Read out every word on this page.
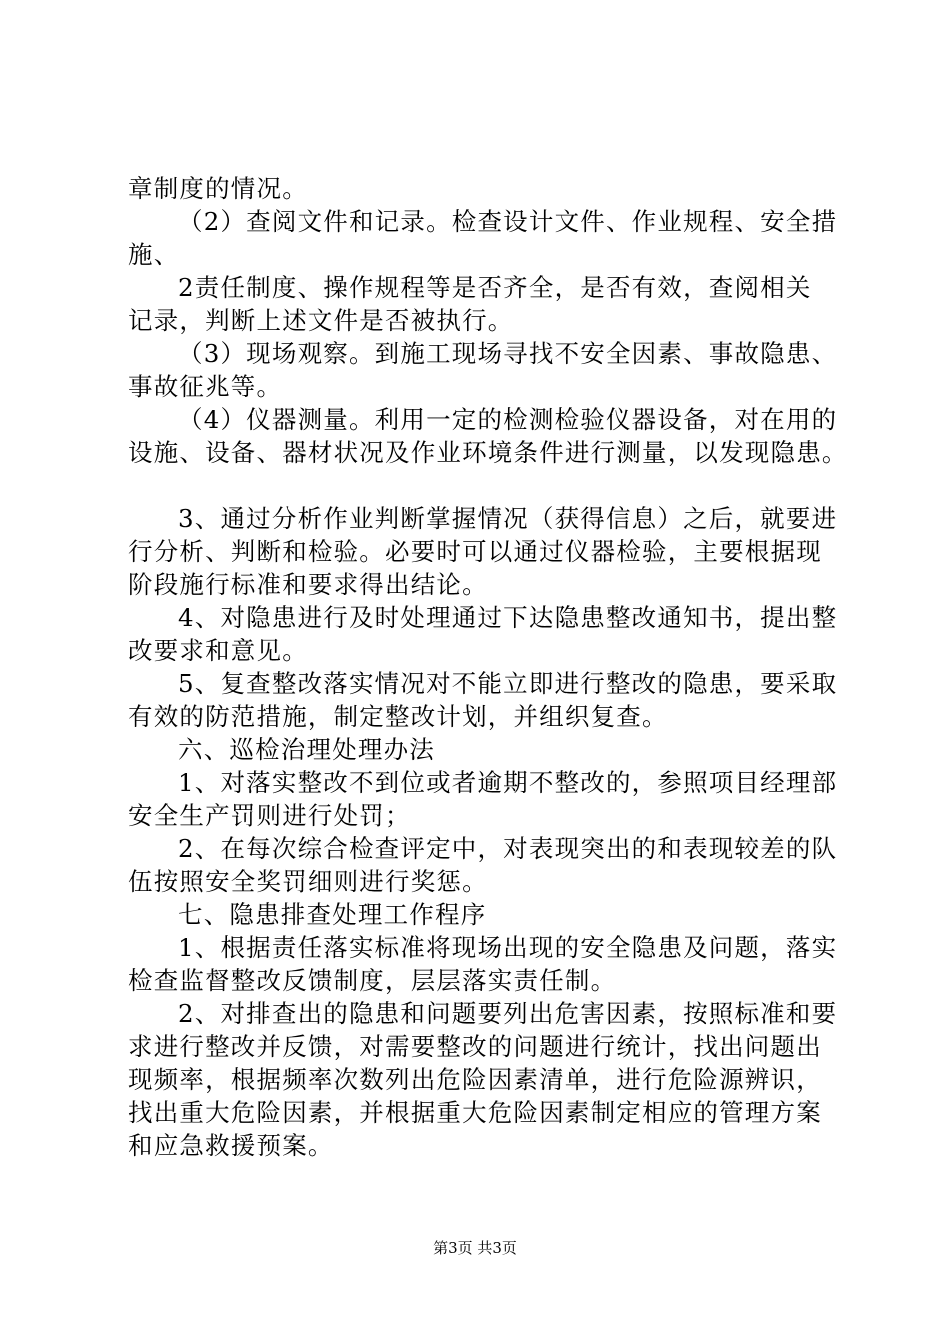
章制度的情况。
（2）查阅文件和记录。检查设计文件、作业规程、安全措
施、
2责任制度、操作规程等是否齐全，是否有效，查阅相关
记录，判断上述文件是否被执行。
（3）现场观察。到施工现场寻找不安全因素、事故隐患、
事故征兆等。
（4）仪器测量。利用一定的检测检验仪器设备，对在用的
设施、设备、器材状况及作业环境条件进行测量，以发现隐患。
3、通过分析作业判断掌握情况（获得信息）之后，就要进
行分析、判断和检验。必要时可以通过仪器检验，主要根据现
阶段施行标准和要求得出结论。
4、对隐患进行及时处理通过下达隐患整改通知书，提出整
改要求和意见。
5、复查整改落实情况对不能立即进行整改的隐患，要采取
有效的防范措施，制定整改计划，并组织复查。
六、巡检治理处理办法
1、对落实整改不到位或者逾期不整改的，参照项目经理部
安全生产罚则进行处罚；
2、在每次综合检查评定中，对表现突出的和表现较差的队
伍按照安全奖罚细则进行奖惩。
七、隐患排查处理工作程序
1、根据责任落实标准将现场出现的安全隐患及问题，落实
检查监督整改反馈制度，层层落实责任制。
2、对排查出的隐患和问题要列出危害因素，按照标准和要
求进行整改并反馈，对需要整改的问题进行统计，找出问题出
现频率，根据频率次数列出危险因素清单，进行危险源辨识，
找出重大危险因素，并根据重大危险因素制定相应的管理方案
和应急救援预案。
第3页 共3页
